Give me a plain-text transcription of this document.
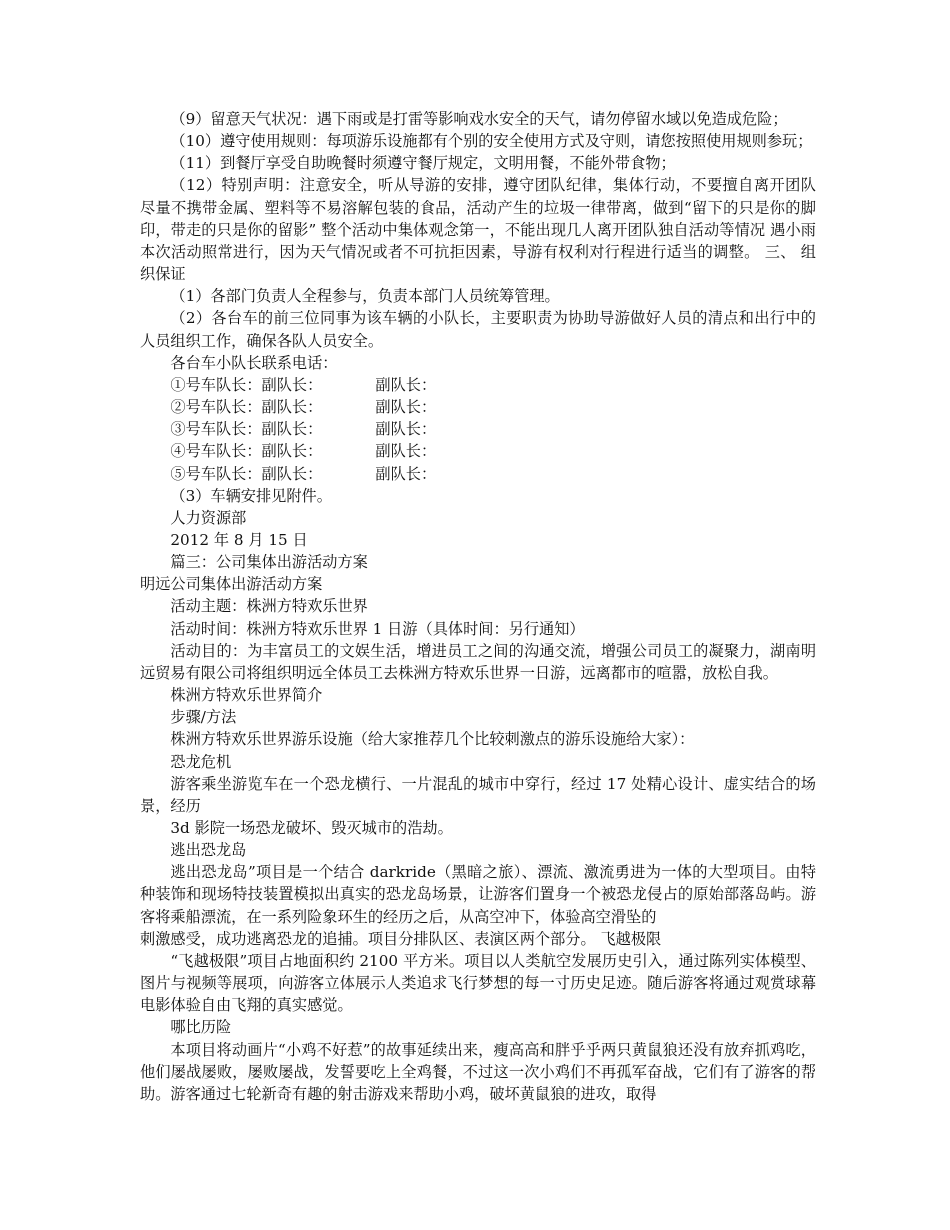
（9）留意天气状况：遇下雨或是打雷等影响戏水安全的天气，请勿停留水域以免造成危险；

（10）遵守使用规则：每项游乐设施都有个别的安全使用方式及守则，请您按照使用规则参玩；

（11）到餐厅享受自助晚餐时须遵守餐厅规定，文明用餐，不能外带食物；

（12）特别声明：注意安全，听从导游的安排，遵守团队纪律，集体行动，不要擅自离开团队 尽量不携带金属、塑料等不易溶解包装的食品，活动产生的垃圾一律带离，做到“留下的只是你的脚印，带走的只是你的留影” 整个活动中集体观念第一，不能出现几人离开团队独自活动等情况 遇小雨本次活动照常进行，因为天气情况或者不可抗拒因素，导游有权利对行程进行适当的调整。 三、 组织保证

（1）各部门负责人全程参与，负责本部门人员统筹管理。

（2）各台车的前三位同事为该车辆的小队长，主要职责为协助导游做好人员的清点和出行中的人员组织工作，确保各队人员安全。

各台车小队长联系电话：

①号车队长：副队长：	副队长：
②号车队长：副队长：	副队长：
③号车队长：副队长：	副队长：
④号车队长：副队长：	副队长：
⑤号车队长：副队长：	副队长：

（3）车辆安排见附件。

人力资源部

2012 年 8 月 15 日

篇三：公司集体出游活动方案

明远公司集体出游活动方案

活动主题：株洲方特欢乐世界

活动时间：株洲方特欢乐世界 1 日游（具体时间：另行通知）

活动目的：为丰富员工的文娱生活，增进员工之间的沟通交流，增强公司员工的凝聚力，湖南明远贸易有限公司将组织明远全体员工去株洲方特欢乐世界一日游，远离都市的喧嚣，放松自我。

株洲方特欢乐世界简介

步骤/方法

株洲方特欢乐世界游乐设施（给大家推荐几个比较刺激点的游乐设施给大家）：

恐龙危机

游客乘坐游览车在一个恐龙横行、一片混乱的城市中穿行，经过 17 处精心设计、虚实结合的场景，经历

3d 影院一场恐龙破坏、毁灭城市的浩劫。

逃出恐龙岛

逃出恐龙岛”项目是一个结合 darkride（黑暗之旅）、漂流、激流勇进为一体的大型项目。由特种装饰和现场特技装置模拟出真实的恐龙岛场景，让游客们置身一个被恐龙侵占的原始部落岛屿。游客将乘船漂流，在一系列险象环生的经历之后，从高空冲下，体验高空滑坠的

刺激感受，成功逃离恐龙的追捕。项目分排队区、表演区两个部分。 飞越极限

“飞越极限”项目占地面积约 2100 平方米。项目以人类航空发展历史引入，通过陈列实体模型、图片与视频等展项，向游客立体展示人类追求飞行梦想的每一寸历史足迹。随后游客将通过观赏球幕电影体验自由飞翔的真实感觉。

哪比历险

本项目将动画片“小鸡不好惹”的故事延续出来，瘦高高和胖乎乎两只黄鼠狼还没有放弃抓鸡吃，他们屡战屡败，屡败屡战，发誓要吃上全鸡餐，不过这一次小鸡们不再孤军奋战，它们有了游客的帮助。游客通过七轮新奇有趣的射击游戏来帮助小鸡，破坏黄鼠狼的进攻，取得
